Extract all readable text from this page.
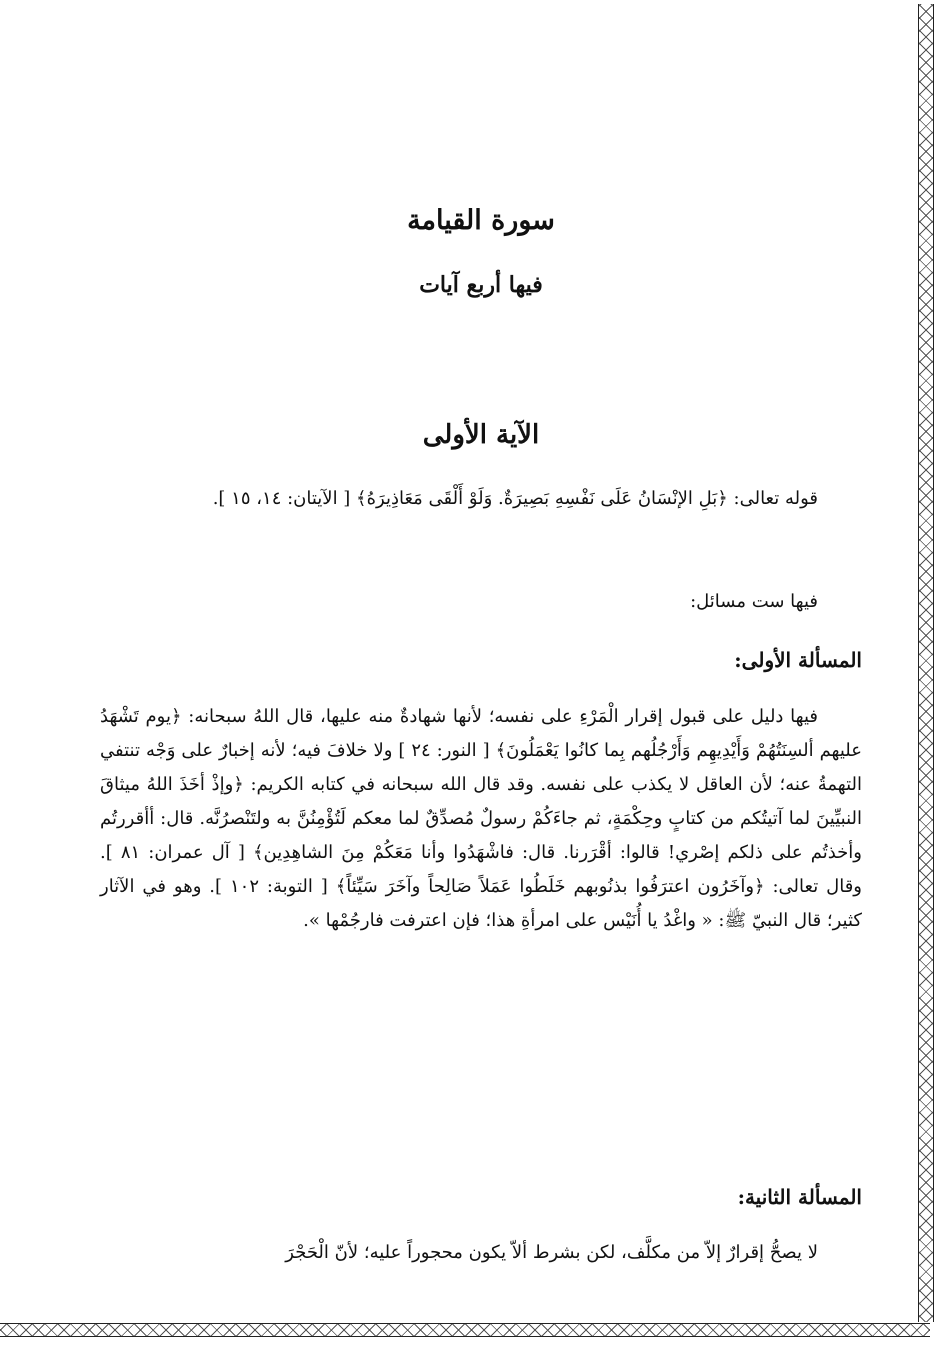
سورة القيامة
فيها أربع آيات
الآية الأولى

قوله تعالى: ﴿بَلِ الإنْسَانُ عَلَى نَفْسِهِ بَصِيرَةٌ. وَلَوْ أَلْقَى مَعَاذِيرَهُ﴾ [ الآيتان: ١٤، ١٥ ].

فيها ست مسائل:

المسألة الأولى:

فيها دليل على قبول إقرار الْمَرْءِ على نفسه؛ لأنها شهادةٌ منه عليها، قال اللهُ سبحانه: ﴿يوم تَشْهَدُ عليهم ألسِنَتُهُمْ وَأَيْدِيهِم وَأَرْجُلُهم بِما كانُوا يَعْمَلُونَ﴾ [ النور: ٢٤ ] ولا خلافَ فيه؛ لأنه إخبارٌ على وَجْه تنتفي التهمةُ عنه؛ لأن العاقل لا يكذب على نفسه. وقد قال الله سبحانه في كتابه الكريم: ﴿وإذْ أخَذَ اللهُ ميثاقَ النبيِّينَ لما آتيتُكم من كتابٍ وحِكْمَةٍ، ثم جاءَكُمْ رسولٌ مُصدِّقٌ لما معكم لَتُؤْمِنُنَّ به ولتَنْصرُنَّه. قال: أأقررتُم وأخذتُم على ذلكم إصْري! قالوا: أقْرَرنا. قال: فاشْهَدُوا وأنا مَعَكُمْ مِنَ الشاهِدِين﴾ [ آل عمران: ٨١ ]. وقال تعالى: ﴿وآخَرُون اعترَفُوا بذنُوبهم خَلَطُوا عَمَلاً صَالِحاً وآخَرَ سَيِّئاً﴾ [ التوبة: ١٠٢ ]. وهو في الآثار كثير؛ قال النبيّ ﷺ: « واغْدُ يا أُنَيْس على امرأةِ هذا؛ فإن اعترفت فارجُمْها ».

المسألة الثانية:

لا يصحُّ إقرارٌ إلاّ من مكلَّف، لكن بشرط ألاّ يكون محجوراً عليه؛ لأنّ الْحَجْرَ
